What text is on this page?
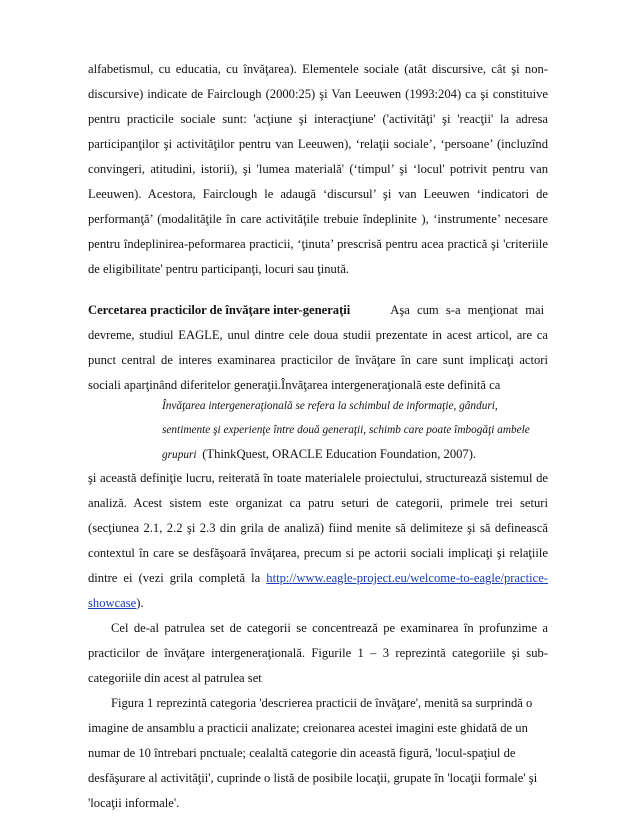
alfabetismul, cu educatia, cu învăţarea). Elementele sociale (atât discursive, cât şi non-
discursive) indicate de Fairclough (2000:25) şi Van Leeuwen (1993:204) ca şi constituive
pentru practicile sociale sunt: 'acţiune şi interacţiune' ('activităţi' şi 'reacţii' la adresa
participanţilor şi activităţilor pentru van Leeuwen), ‘relaţii sociale’, ‘persoane’ (incluzînd
convingeri, atitudini, istorii), şi 'lumea materială' (‘timpul’ şi ‘locul' potrivit pentru van
Leeuwen). Acestora, Fairclough le adaugă ‘discursul’ şi van Leeuwen ‘indicatori de
performanţă’ (modalităţile în care activităţile trebuie îndeplinite ), ‘instrumente’ necesare
pentru îndeplinirea-peformarea practicii, ‘ţinuta’ prescrisă pentru acea practică şi 'criteriile
de eligibilitate' pentru participanţi, locuri sau ţinută.
Cercetarea practicilor de învăţare inter-generaţii	Aşa cum s-a menţionat mai
devreme, studiul EAGLE, unul dintre cele doua studii prezentate in acest articol, are ca
punct central de interes examinarea practicilor de învăţare în care sunt implicaţi actori
sociali aparţinând diferitelor generaţii.Învăţarea intergeneraţională este definită ca
Învăţarea intergeneraţională se refera la schimbul de informaţie, gânduri,
sentimente şi experienţe între două generaţii, schimb care poate îmbogăţi ambele
grupuri (ThinkQuest, ORACLE Education Foundation, 2007).
şi această definiţie lucru, reiterată în toate materialele proiectului, structurează sistemul de
analiză. Acest sistem este organizat ca patru seturi de categorii, primele trei seturi
(secţiunea 2.1, 2.2 şi 2.3 din grila de analiză) fiind menite să delimiteze şi să definească
contextul în care se desfăşoară învăţarea, precum si pe actorii sociali implicaţi şi relaţiile
dintre ei (vezi grila completă la http://www.eagle-project.eu/welcome-to-eagle/practice-
showcase).
Cel de-al patrulea set de categorii se concentrează pe examinarea în profunzime a
practicilor de învăţare intergeneraţională. Figurile 1 – 3 reprezintă categoriile şi sub-
categoriile din acest al patrulea set
Figura 1 reprezintă categoria 'descrierea practicii de învăţare', menită sa surprindă o
imagine de ansamblu a practicii analizate; creionarea acestei imagini este ghidată de un
numar de 10 întrebari pnctuale; cealaltă categorie din această figură, 'locul-spaţiul de
desfăşurare al activităţii', cuprinde o listă de posibile locaţii, grupate în 'locaţii formale' şi
'locaţii informale'.
